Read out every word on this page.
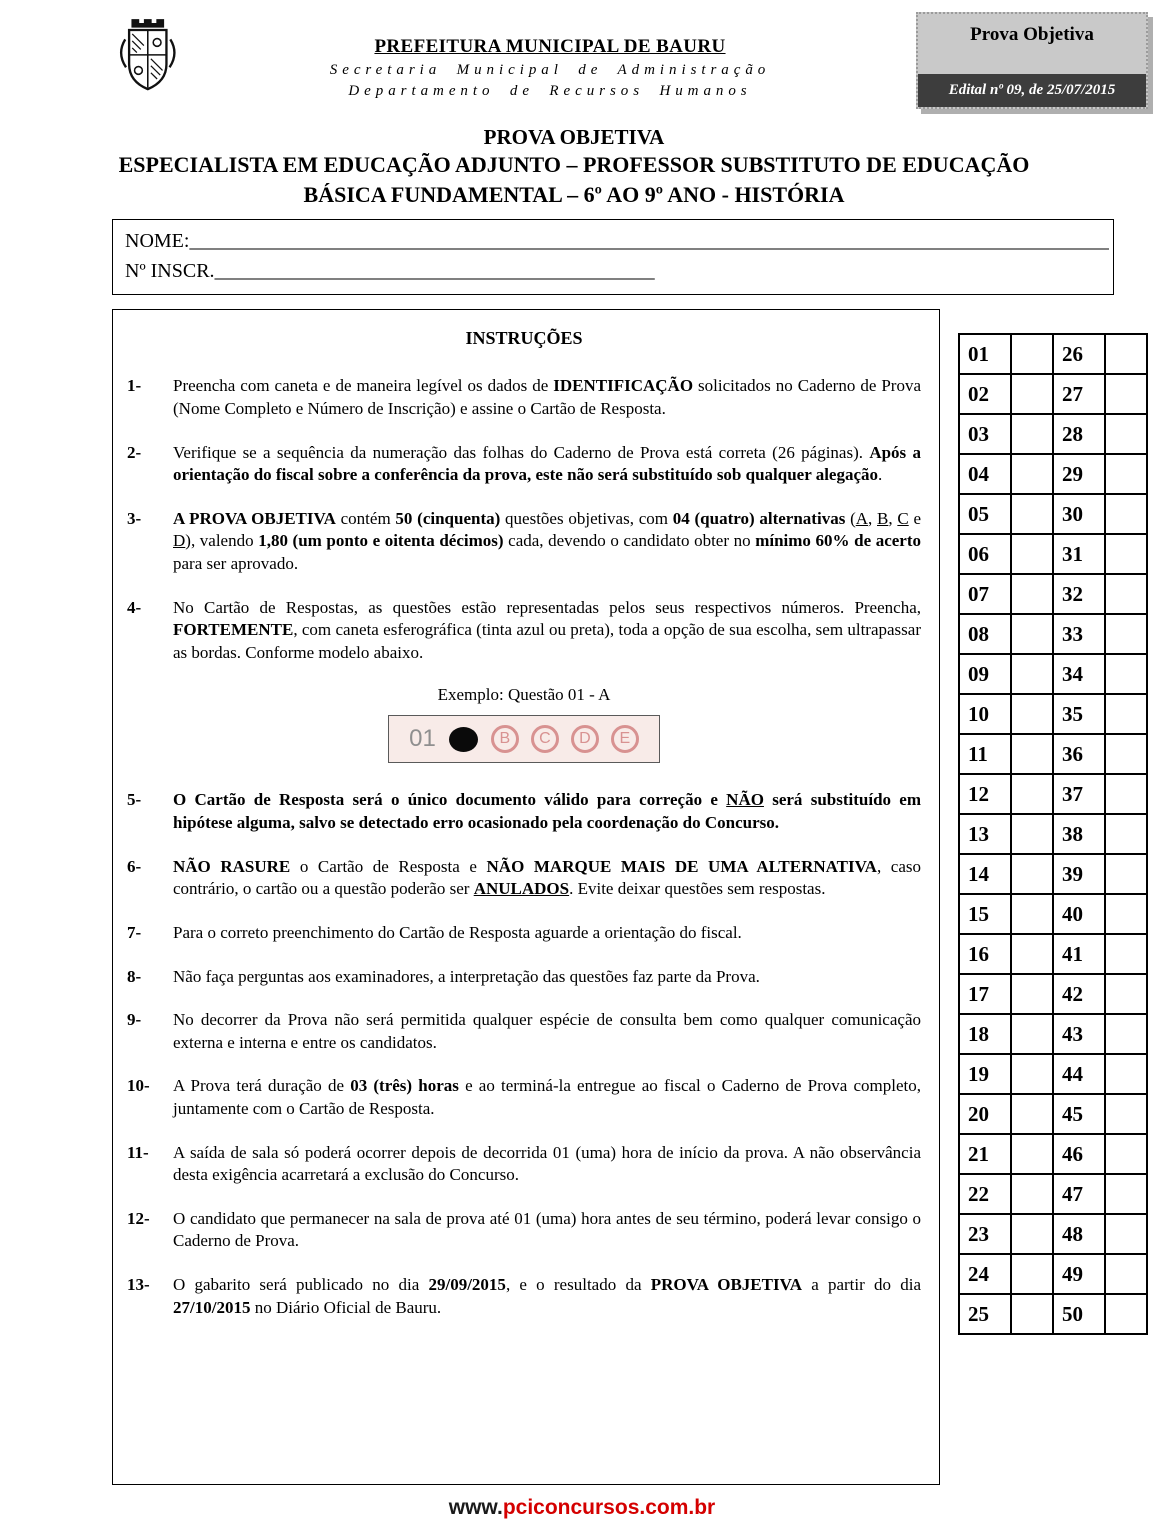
PREFEITURA MUNICIPAL DE BAURU
Secretaria Municipal de Administração
Departamento de Recursos Humanos
Prova Objetiva
Edital nº 09, de 25/07/2015
PROVA OBJETIVA
ESPECIALISTA EM EDUCAÇÃO ADJUNTO – PROFESSOR SUBSTITUTO DE EDUCAÇÃO
BÁSICA FUNDAMENTAL – 6º AO 9º ANO - HISTÓRIA
NOME:____________________________________________________________________________________________
Nº INSCR.____________________________________________
INSTRUÇÕES
1-	Preencha com caneta e de maneira legível os dados de IDENTIFICAÇÃO solicitados no Caderno de Prova (Nome Completo e Número de Inscrição) e assine o Cartão de Resposta.
2-	Verifique se a sequência da numeração das folhas do Caderno de Prova está correta (26 páginas). Após a orientação do fiscal sobre a conferência da prova, este não será substituído sob qualquer alegação.
3-	A PROVA OBJETIVA contém 50 (cinquenta) questões objetivas, com 04 (quatro) alternativas (A, B, C e D), valendo 1,80 (um ponto e oitenta décimos) cada, devendo o candidato obter no mínimo 60% de acerto para ser aprovado.
4-	No Cartão de Respostas, as questões estão representadas pelos seus respectivos números. Preencha, FORTEMENTE, com caneta esferográfica (tinta azul ou preta), toda a opção de sua escolha, sem ultrapassar as bordas. Conforme modelo abaixo.
Exemplo: Questão 01 - A
01	B	C	D	E
5-	O Cartão de Resposta será o único documento válido para correção e NÃO será substituído em hipótese alguma, salvo se detectado erro ocasionado pela coordenação do Concurso.
6-	NÃO RASURE o Cartão de Resposta e NÃO MARQUE MAIS DE UMA ALTERNATIVA, caso contrário, o cartão ou a questão poderão ser ANULADOS. Evite deixar questões sem respostas.
7-	Para o correto preenchimento do Cartão de Resposta aguarde a orientação do fiscal.
8-	Não faça perguntas aos examinadores, a interpretação das questões faz parte da Prova.
9-	No decorrer da Prova não será permitida qualquer espécie de consulta bem como qualquer comunicação externa e interna e entre os candidatos.
10-	A Prova terá duração de 03 (três) horas e ao terminá-la entregue ao fiscal o Caderno de Prova completo, juntamente com o Cartão de Resposta.
11-	A saída de sala só poderá ocorrer depois de decorrida 01 (uma) hora de início da prova. A não observância desta exigência acarretará a exclusão do Concurso.
12-	O candidato que permanecer na sala de prova até 01 (uma) hora antes de seu término, poderá levar consigo o Caderno de Prova.
13-	O gabarito será publicado no dia 29/09/2015, e o resultado da PROVA OBJETIVA a partir do dia 27/10/2015 no Diário Oficial de Bauru.
01		26	
02		27	
03		28	
04		29	
05		30	
06		31	
07		32	
08		33	
09		34	
10		35	
11		36	
12		37	
13		38	
14		39	
15		40	
16		41	
17		42	
18		43	
19		44	
20		45	
21		46	
22		47	
23		48	
24		49	
25		50	
www.pciconcursos.com.br
